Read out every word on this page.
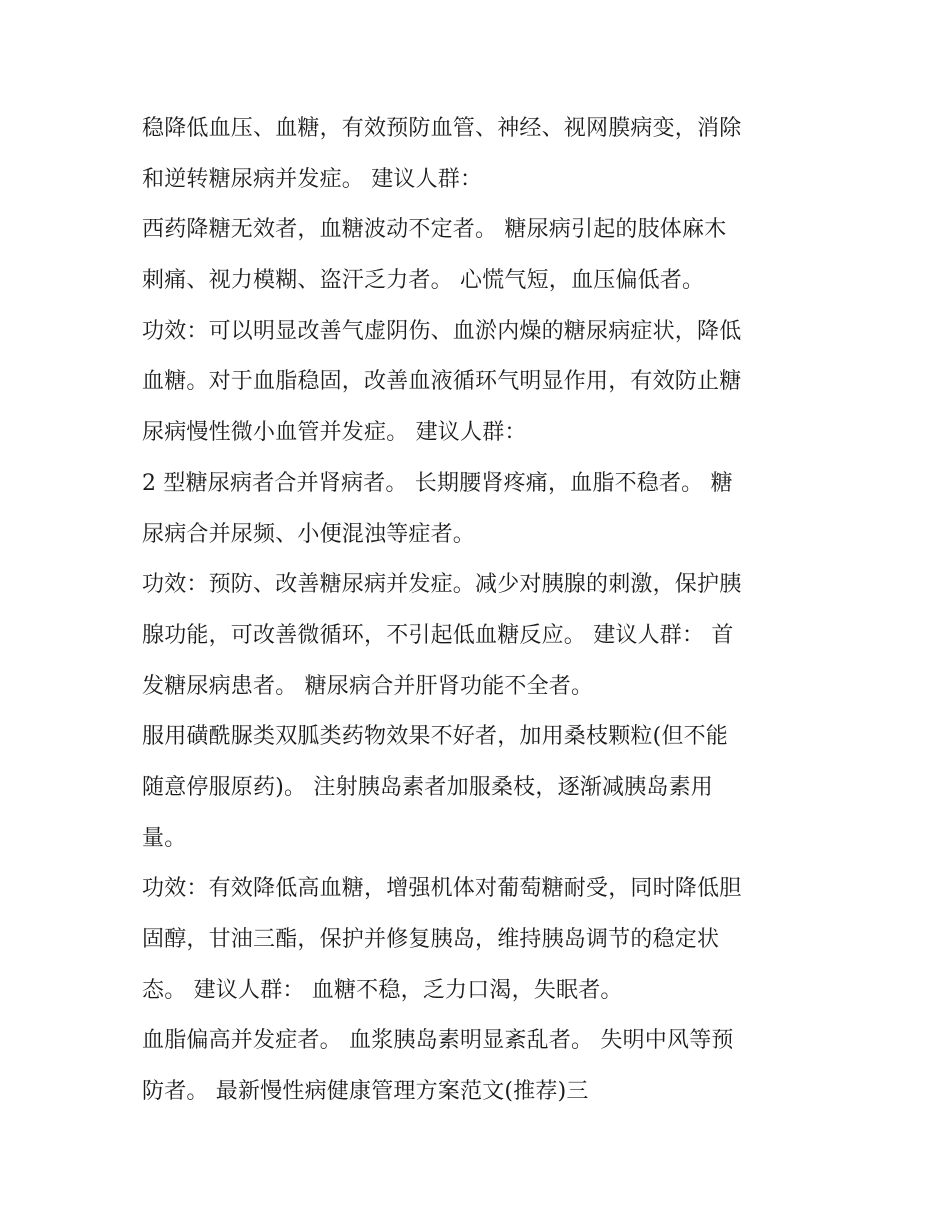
稳降低血压、血糖，有效预防血管、神经、视网膜病变，消除
和逆转糖尿病并发症。 建议人群：
西药降糖无效者，血糖波动不定者。 糖尿病引起的肢体麻木
刺痛、视力模糊、盗汗乏力者。 心慌气短，血压偏低者。
功效：可以明显改善气虚阴伤、血淤内燥的糖尿病症状，降低
血糖。对于血脂稳固，改善血液循环气明显作用，有效防止糖
尿病慢性微小血管并发症。 建议人群：
2 型糖尿病者合并肾病者。 长期腰肾疼痛，血脂不稳者。 糖
尿病合并尿频、小便混浊等症者。
功效：预防、改善糖尿病并发症。减少对胰腺的刺激，保护胰
腺功能，可改善微循环，不引起低血糖反应。 建议人群： 首
发糖尿病患者。 糖尿病合并肝肾功能不全者。
服用磺酰脲类双胍类药物效果不好者，加用桑枝颗粒(但不能
随意停服原药)。 注射胰岛素者加服桑枝，逐渐减胰岛素用
量。
功效：有效降低高血糖，增强机体对葡萄糖耐受，同时降低胆
固醇，甘油三酯，保护并修复胰岛，维持胰岛调节的稳定状
态。 建议人群： 血糖不稳，乏力口渴，失眠者。
血脂偏高并发症者。 血浆胰岛素明显紊乱者。 失明中风等预
防者。 最新慢性病健康管理方案范文(推荐)三
